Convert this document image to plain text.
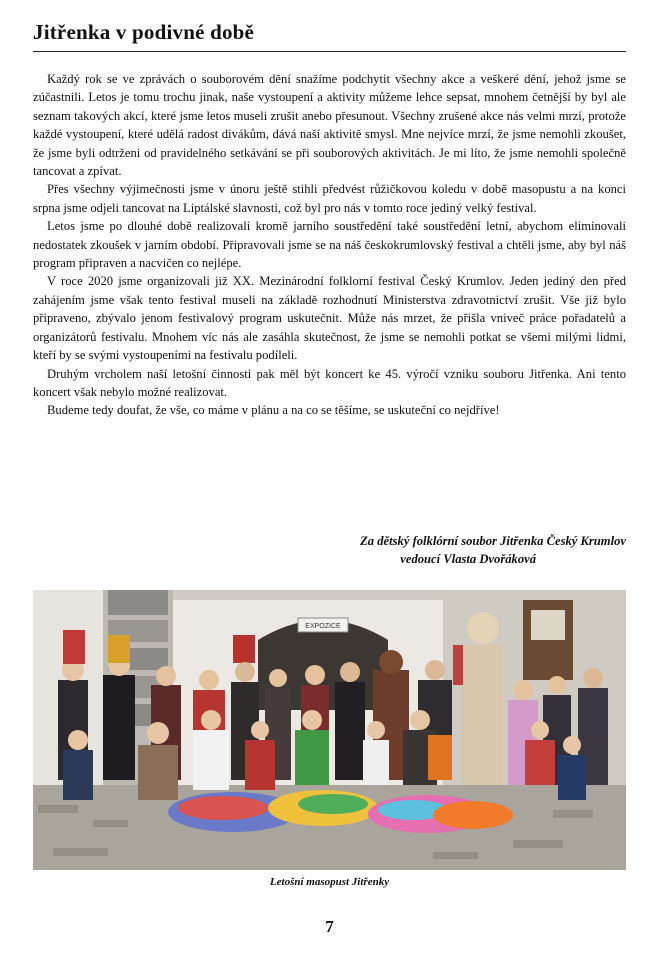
Jitřenka v podivné době

Každý rok se ve zprávách o souborovém dění snažíme podchytit všechny akce a veškeré dění, jehož jsme se zúčastnili. Letos je tomu trochu jinak, naše vystoupení a aktivity můžeme lehce sepsat, mnohem četnější by byl ale seznam takových akcí, které jsme letos museli zrušit anebo přesunout. Všechny zrušené akce nás velmi mrzí, protože každé vystoupení, které udělá radost divákům, dává naší aktivitě smysl. Mne nejvíce mrzí, že jsme nemohli zkoušet, že jsme byli odtrženi od pravidelného setkávání se při souborových aktivitách. Je mi líto, že jsme nemohli společně tancovat a zpívat.

Přes všechny výjimečnosti jsme v únoru ještě stihli předvést růžičkovou koledu v době masopustu a na konci srpna jsme odjeli tancovat na Liptálské slavnosti, což byl pro nás v tomto roce jediný velký festival.

Letos jsme po dlouhé době realizovali kromě jarního soustředění také soustředění letní, abychom eliminovali nedostatek zkoušek v jarním období. Připravovali jsme se na náš českokrumlovský festival a chtěli jsme, aby byl náš program připraven a nacvičen co nejlépe.

V roce 2020 jsme organizovali již XX. Mezinárodní folklorní festival Český Krumlov. Jeden jediný den před zahájením jsme však tento festival museli na základě rozhodnutí Ministerstva zdravotnictví zrušit. Vše již bylo připraveno, zbývalo jenom festivalový program uskutečnit. Může nás mrzet, že přišla vniveč práce pořadatelů a organizátorů festivalu. Mnohem víc nás ale zasáhla skutečnost, že jsme se nemohli potkat se všemi milými lidmi, kteří by se svými vystoupeními na festivalu podíleli.

Druhým vrcholem naší letošní činnosti pak měl být koncert ke 45. výročí vzniku souboru Jitřenka. Ani tento koncert však nebylo možné realizovat.

Budeme tedy doufat, že vše, co máme v plánu a na co se těšíme, se uskuteční co nejdříve!

Za dětský folklórní soubor Jitřenka Český Krumlov
vedoucí Vlasta Dvořáková
EXPOZICE
Letošní masopust Jitřenky
7
